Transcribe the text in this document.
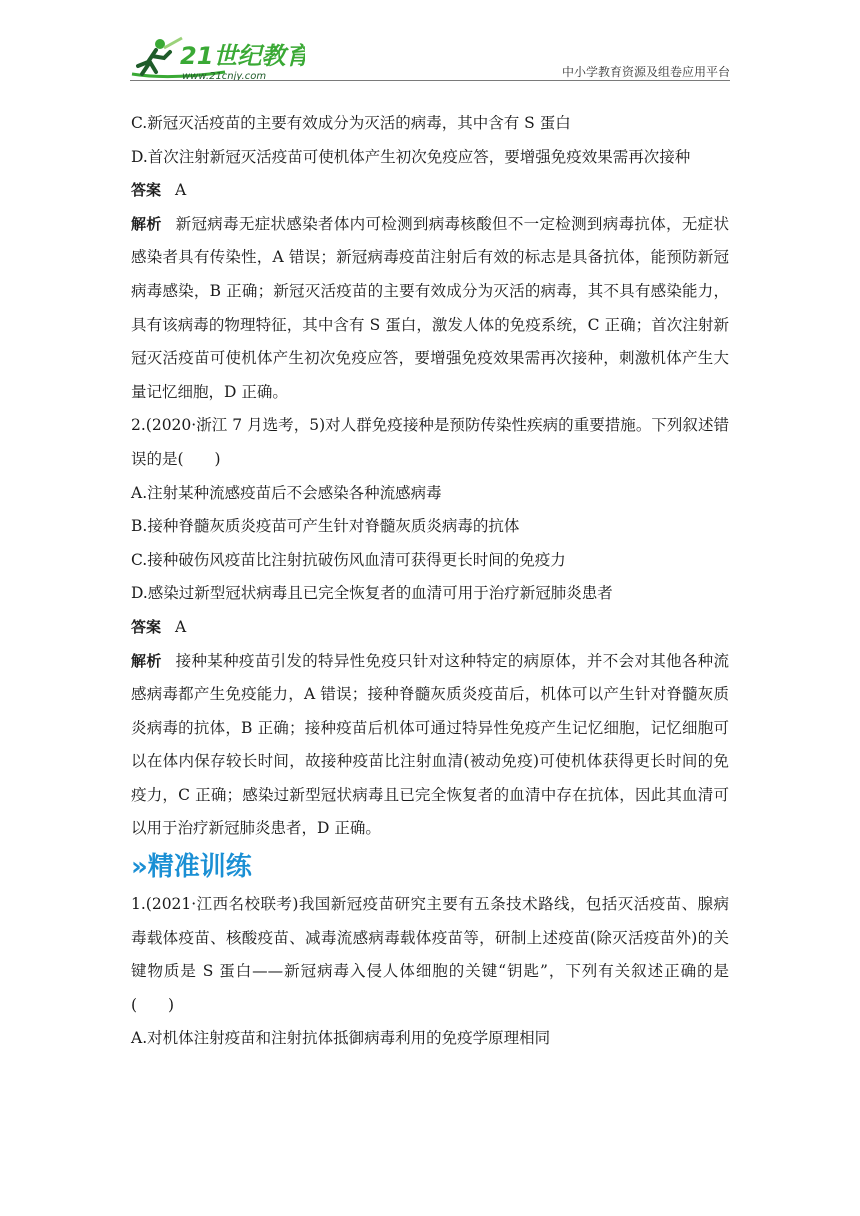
21世纪教育
www.21cnjy.com	中小学教育资源及组卷应用平台

C.新冠灭活疫苗的主要有效成分为灭活的病毒，其中含有 S 蛋白

D.首次注射新冠灭活疫苗可使机体产生初次免疫应答，要增强免疫效果需再次接种

答案 A

解析 新冠病毒无症状感染者体内可检测到病毒核酸但不一定检测到病毒抗体，无症状感染者具有传染性，A 错误；新冠病毒疫苗注射后有效的标志是具备抗体，能预防新冠病毒感染，B 正确；新冠灭活疫苗的主要有效成分为灭活的病毒，其不具有感染能力，具有该病毒的物理特征，其中含有 S 蛋白，激发人体的免疫系统，C 正确；首次注射新冠灭活疫苗可使机体产生初次免疫应答，要增强免疫效果需再次接种，刺激机体产生大量记忆细胞，D 正确。

2.(2020·浙江 7 月选考，5)对人群免疫接种是预防传染性疾病的重要措施。下列叙述错误的是(　　)

A.注射某种流感疫苗后不会感染各种流感病毒

B.接种脊髓灰质炎疫苗可产生针对脊髓灰质炎病毒的抗体

C.接种破伤风疫苗比注射抗破伤风血清可获得更长时间的免疫力

D.感染过新型冠状病毒且已完全恢复者的血清可用于治疗新冠肺炎患者

答案 A

解析 接种某种疫苗引发的特异性免疫只针对这种特定的病原体，并不会对其他各种流感病毒都产生免疫能力，A 错误；接种脊髓灰质炎疫苗后，机体可以产生针对脊髓灰质炎病毒的抗体，B 正确；接种疫苗后机体可通过特异性免疫产生记忆细胞，记忆细胞可以在体内保存较长时间，故接种疫苗比注射血清(被动免疫)可使机体获得更长时间的免疫力，C 正确；感染过新型冠状病毒且已完全恢复者的血清中存在抗体，因此其血清可以用于治疗新冠肺炎患者，D 正确。

»精准训练

1.(2021·江西名校联考)我国新冠疫苗研究主要有五条技术路线，包括灭活疫苗、腺病毒载体疫苗、核酸疫苗、减毒流感病毒载体疫苗等，研制上述疫苗(除灭活疫苗外)的关键物质是 S 蛋白——新冠病毒入侵人体细胞的关键“钥匙”，下列有关叙述正确的是(　　)

A.对机体注射疫苗和注射抗体抵御病毒利用的免疫学原理相同
